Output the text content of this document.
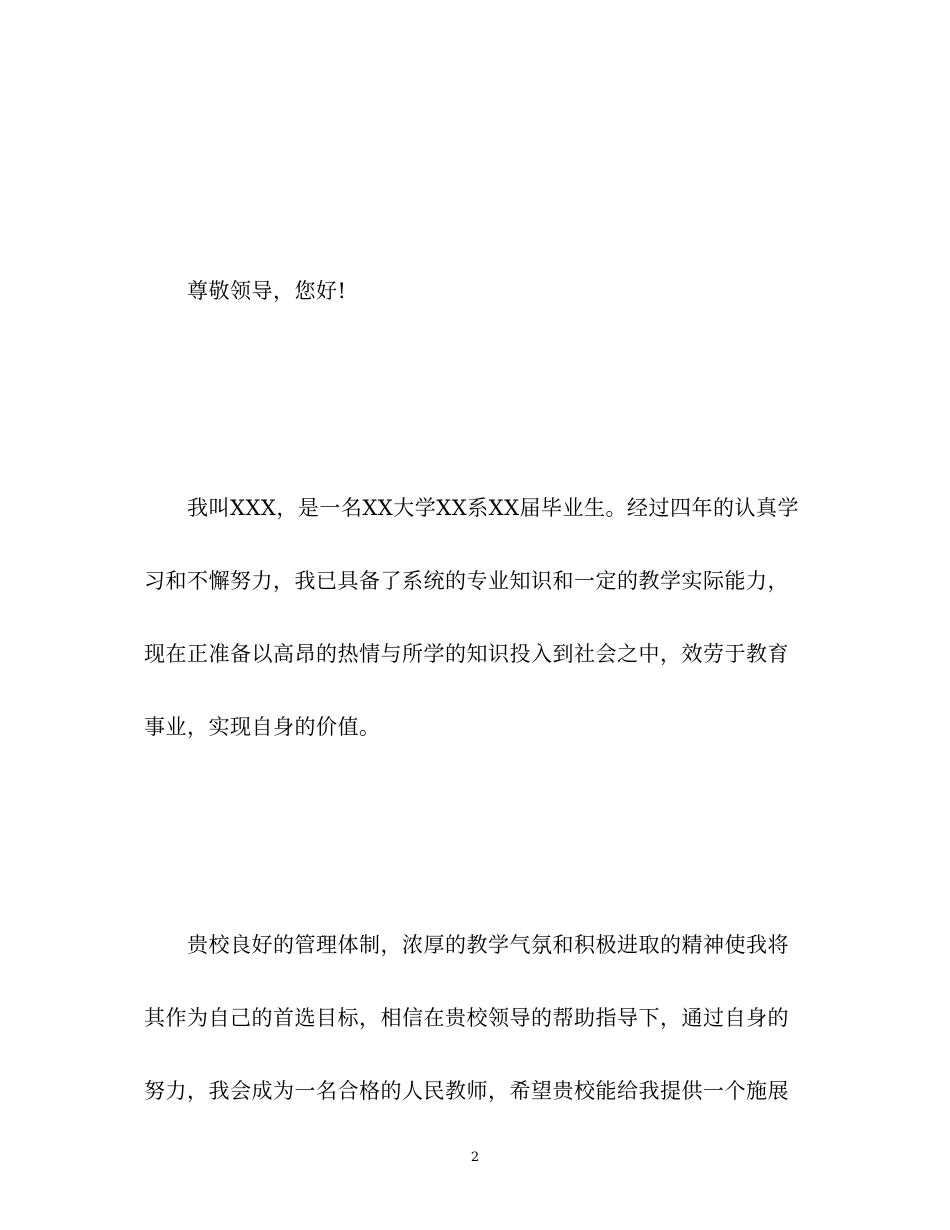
尊敬领导，您好!
我叫XXX，是一名XX大学XX系XX届毕业生。经过四年的认真学
习和不懈努力，我已具备了系统的专业知识和一定的教学实际能力，
现在正准备以高昂的热情与所学的知识投入到社会之中，效劳于教育
事业，实现自身的价值。
贵校良好的管理体制，浓厚的教学气氛和积极进取的精神使我将
其作为自己的首选目标，相信在贵校领导的帮助指导下，通过自身的
努力，我会成为一名合格的人民教师，希望贵校能给我提供一个施展
2
